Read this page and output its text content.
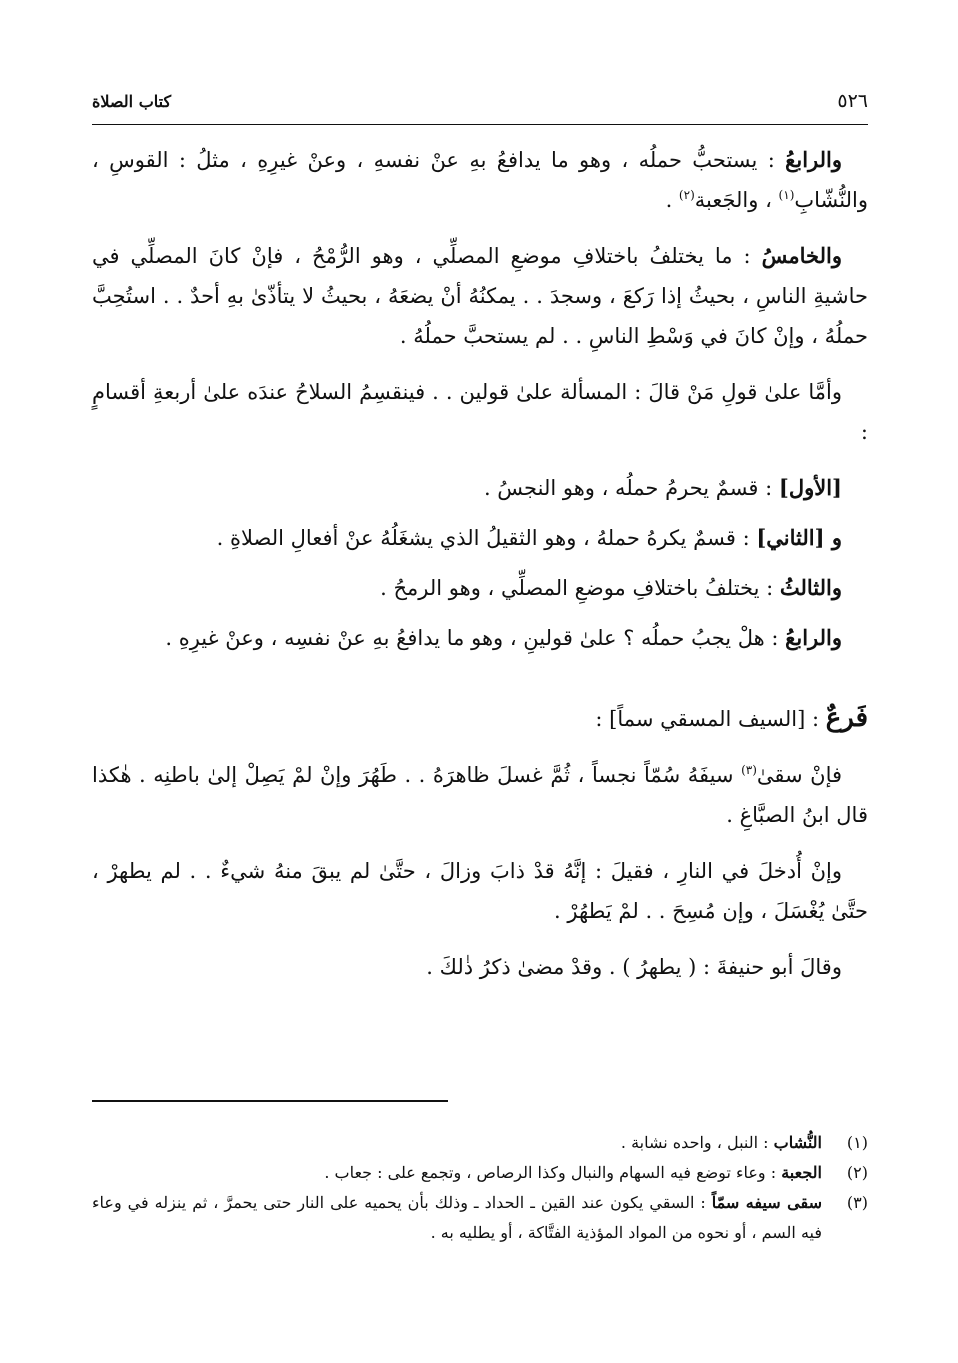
٥٢٦
كتاب الصلاة

والرابعُ : يستحبُّ حملُه ، وهو ما يدافعُ بهِ عنْ نفسهِ ، وعنْ غيرِهِ ، مثلُ : القوسِ ، والنُّشّابِ$^{(١)}$ ، والجَعبة$^{(٢)}$ .

والخامسُ : ما يختلفُ باختلافِ موضعِ المصلِّي ، وهو الرُّمْحُ ، فإنْ كانَ المصلِّي في حاشيةِ الناسِ ، بحيثُ إذا رَكعَ ، وسجدَ . . يمكنُهُ أنْ يضعَهُ ، بحيثُ لا يتأذّىٰ بهِ أحدٌ . . استُحِبَّ حملُهُ ، وإنْ كانَ في وَسْطِ الناسِ . . لم يستحبَّ حملُهُ .

وأمَّا علىٰ قولِ مَنْ قالَ : المسألة علىٰ قولين . . فينقسِمُ السلاحُ عندَه علىٰ أربعةِ أقسامٍ :

[الأول] : قسمٌ يحرمُ حملُه ، وهو النجسُ .

و [الثاني] : قسمٌ يكرهُ حملهُ ، وهو الثقيلُ الذي يشغَلُهُ عنْ أفعالِ الصلاةِ .

والثالثُ : يختلفُ باختلافِ موضعِ المصلِّي ، وهو الرمحُ .

والرابعُ : هلْ يجبُ حملُه ؟ علىٰ قولينِ ، وهو ما يدافعُ بهِ عنْ نفسِه ، وعنْ غيرِهِ .

فَرعٌ : [السيف المسقي سماً] :

فإنْ سقىٰ$^{(٣)}$ سيفَهُ سُمّاً نجساً ، ثُمَّ غسلَ ظاهرَهُ . . طَهُرَ وإنْ لمْ يَصِلْ إلىٰ باطنِه . هٰكذا قال ابنُ الصبَّاغِ .

وإنْ أُدخلَ في النارِ ، فقيلَ : إنَّهُ قدْ ذابَ وزالَ ، حتَّىٰ لم يبقَ منهُ شيءٌ . . لم يطهرْ ، حتَّىٰ يُغْسَلَ ، وإن مُسِحَ . . لمْ يَطهُرْ .

وقالَ أبو حنيفةَ : ( يطهرُ ) . وقدْ مضىٰ ذكرُ ذٰلكَ .

(١)
النُّشاب : النبل ، واحده نشابة .
(٢)
الجعبة : وعاء توضع فيه السهام والنبال وكذا الرصاص ، وتجمع على : جعاب .
(٣)
سقى سيفه سمّاً : السقي يكون عند القين ـ الحداد ـ وذلك بأن يحميه على النار حتى يحمرَّ ، ثم ينزله في وعاء فيه السم ، أو نحوه من المواد المؤذية الفتَّاكة ، أو يطليه به .
